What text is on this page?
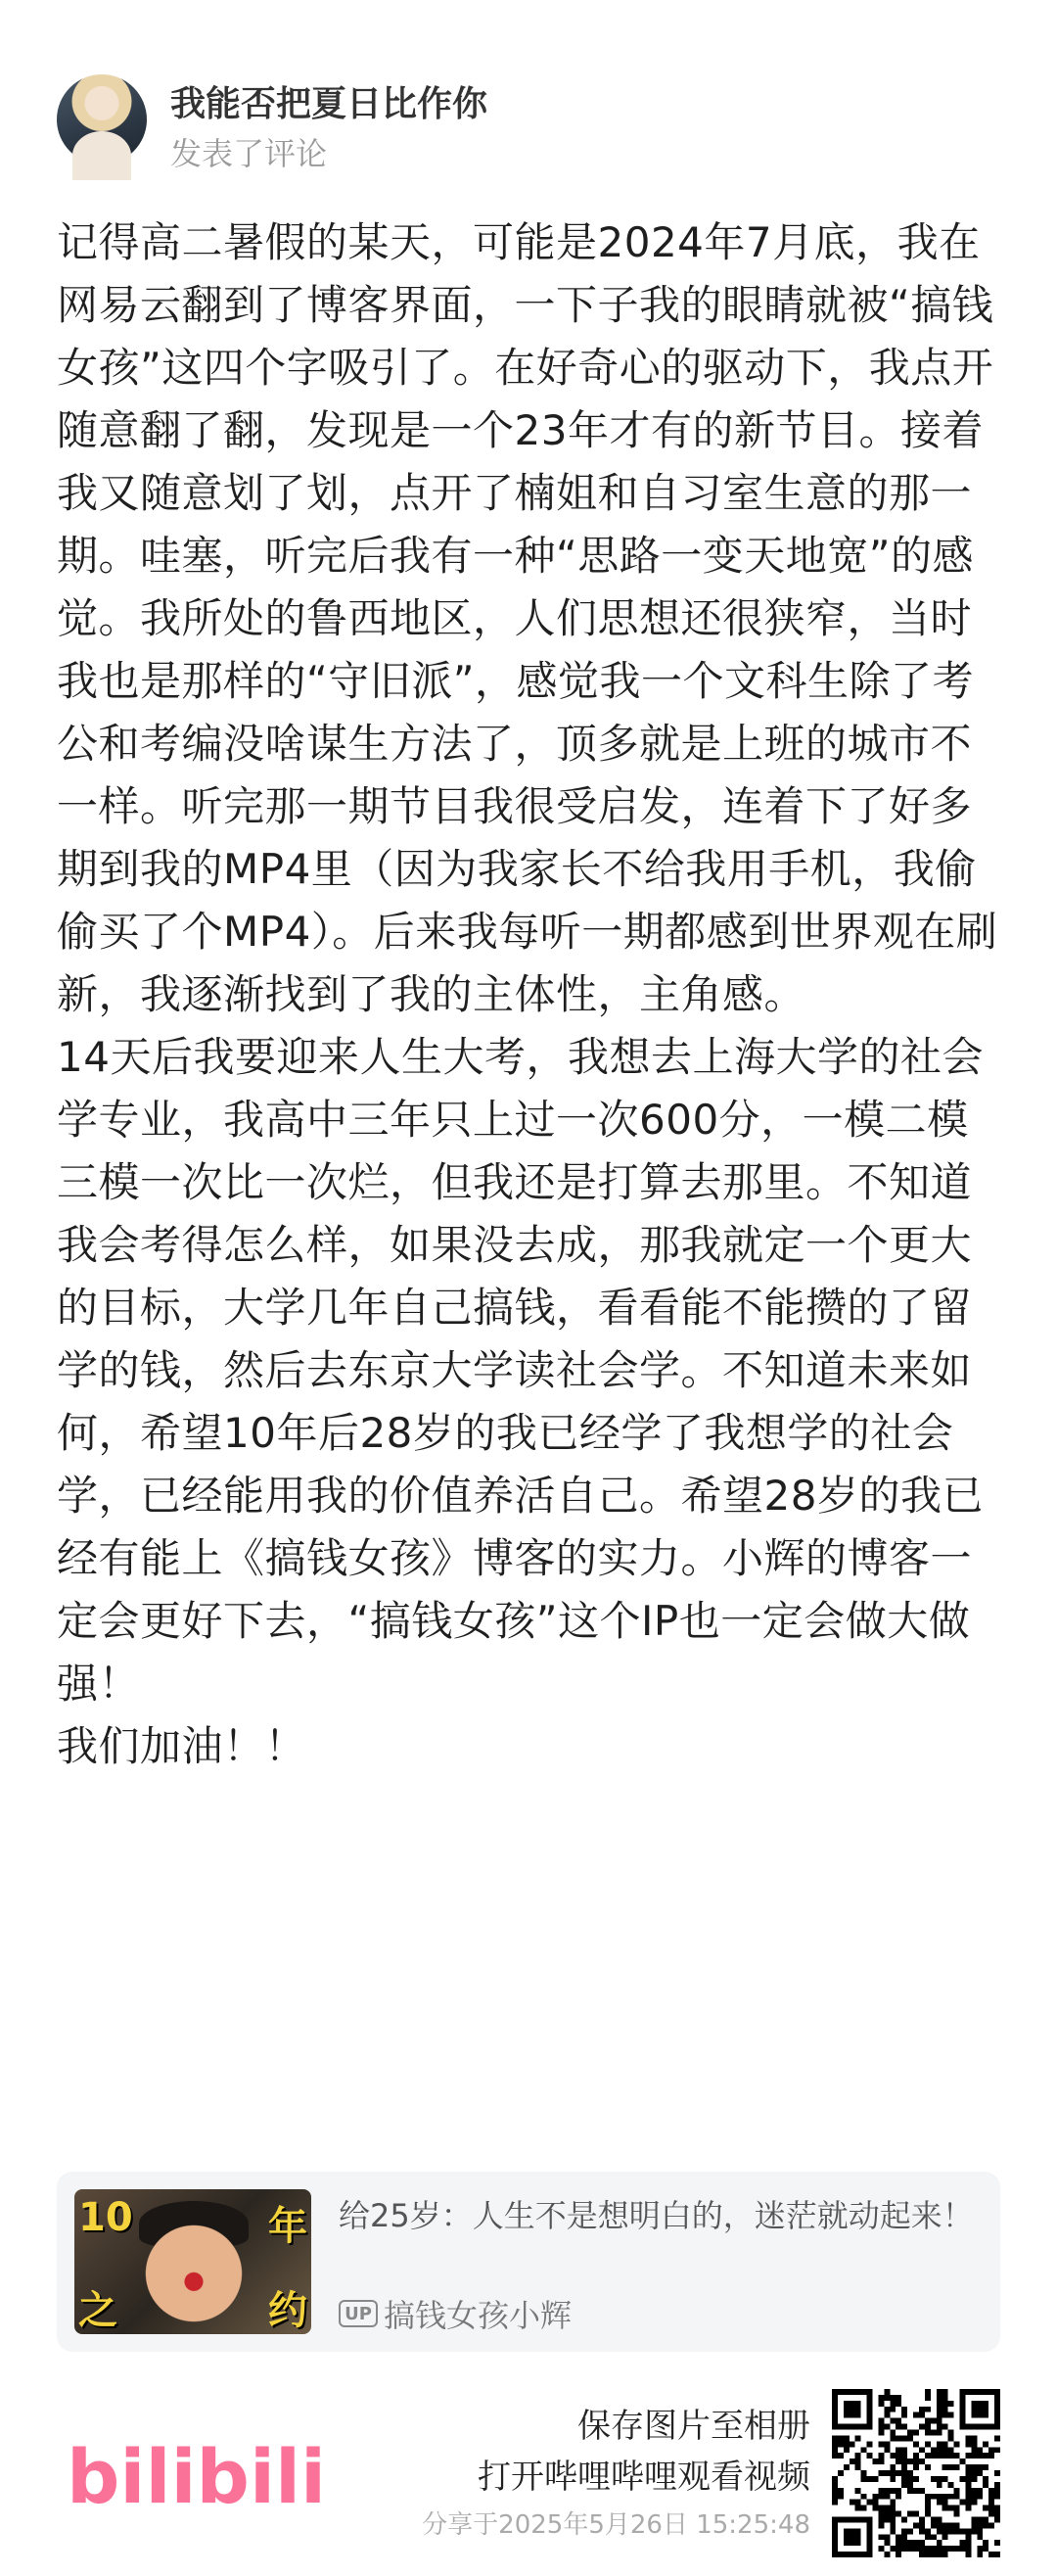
我能否把夏日比作你
发表了评论

记得高二暑假的某天，可能是2024年7月底，我在网易云翻到了博客界面，一下子我的眼睛就被“搞钱女孩”这四个字吸引了。在好奇心的驱动下，我点开随意翻了翻，发现是一个23年才有的新节目。接着我又随意划了划，点开了楠姐和自习室生意的那一期。哇塞，听完后我有一种“思路一变天地宽”的感觉。我所处的鲁西地区，人们思想还很狭窄，当时我也是那样的“守旧派”，感觉我一个文科生除了考公和考编没啥谋生方法了，顶多就是上班的城市不一样。听完那一期节目我很受启发，连着下了好多期到我的MP4里（因为我家长不给我用手机，我偷偷买了个MP4）。后来我每听一期都感到世界观在刷新，我逐渐找到了我的主体性，主角感。

14天后我要迎来人生大考，我想去上海大学的社会学专业，我高中三年只上过一次600分，一模二模三模一次比一次烂，但我还是打算去那里。不知道我会考得怎么样，如果没去成，那我就定一个更大的目标，大学几年自己搞钱，看看能不能攒的了留学的钱，然后去东京大学读社会学。不知道未来如何，希望10年后28岁的我已经学了我想学的社会学，已经能用我的价值养活自己。希望28岁的我已经有能上《搞钱女孩》博客的实力。小辉的博客一定会更好下去，“搞钱女孩”这个IP也一定会做大做强！

我们加油！！

10	年
之	约
给25岁：人生不是想明白的，迷茫就动起来！
UP 搞钱女孩小辉
bilibili
保存图片至相册
打开哔哩哔哩观看视频
分享于2025年5月26日 15:25:48
